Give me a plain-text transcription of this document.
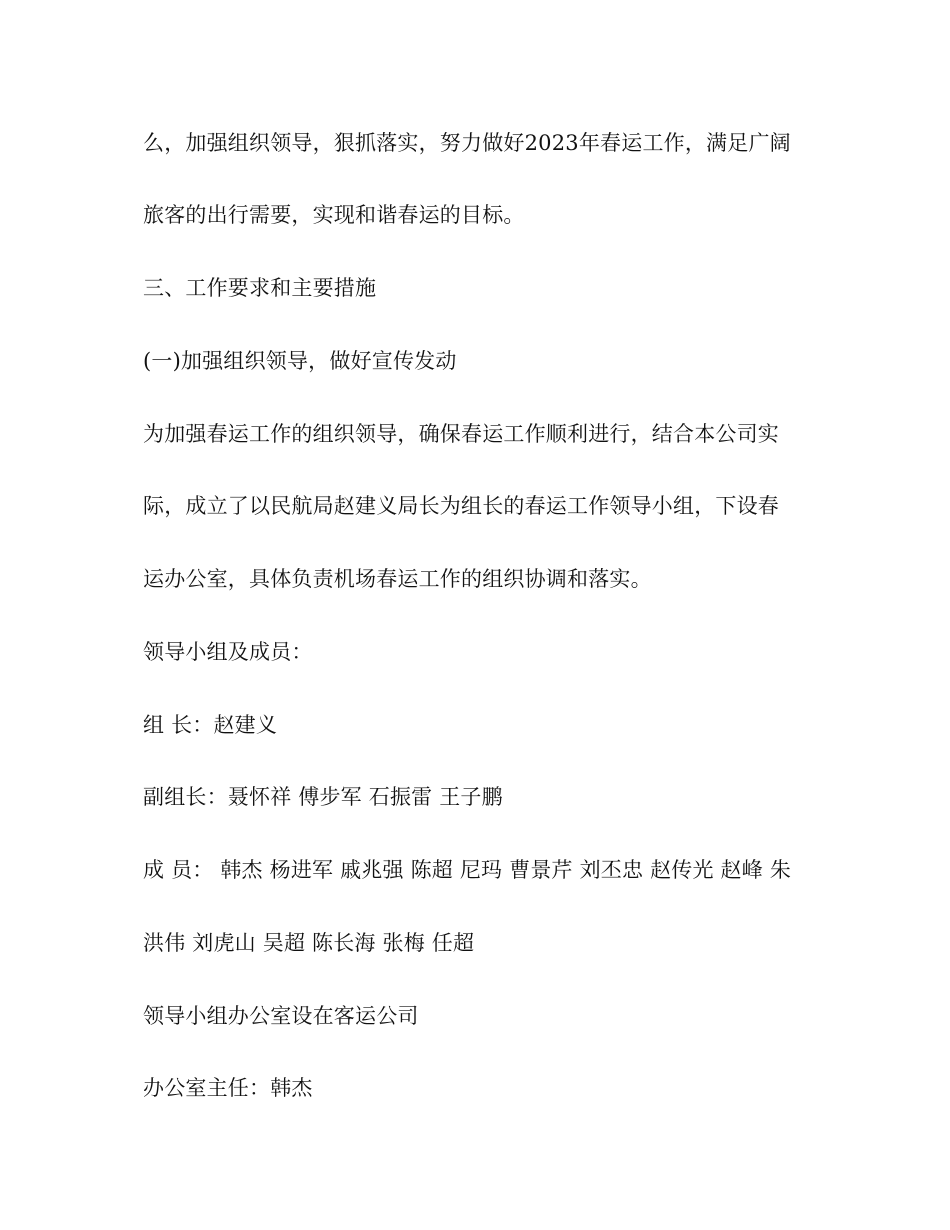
么，加强组织领导，狠抓落实，努力做好2023年春运工作，满足广阔
旅客的出行需要，实现和谐春运的目标。
三、工作要求和主要措施
(一)加强组织领导，做好宣传发动
为加强春运工作的组织领导，确保春运工作顺利进行，结合本公司实
际，成立了以民航局赵建义局长为组长的春运工作领导小组，下设春
运办公室，具体负责机场春运工作的组织协调和落实。
领导小组及成员：
组 长：赵建义
副组长：聂怀祥 傅步军 石振雷 王子鹏
成 员： 韩杰 杨进军 戚兆强 陈超 尼玛 曹景芹 刘丕忠 赵传光 赵峰 朱
洪伟 刘虎山 吴超 陈长海 张梅 任超
领导小组办公室设在客运公司
办公室主任：韩杰
